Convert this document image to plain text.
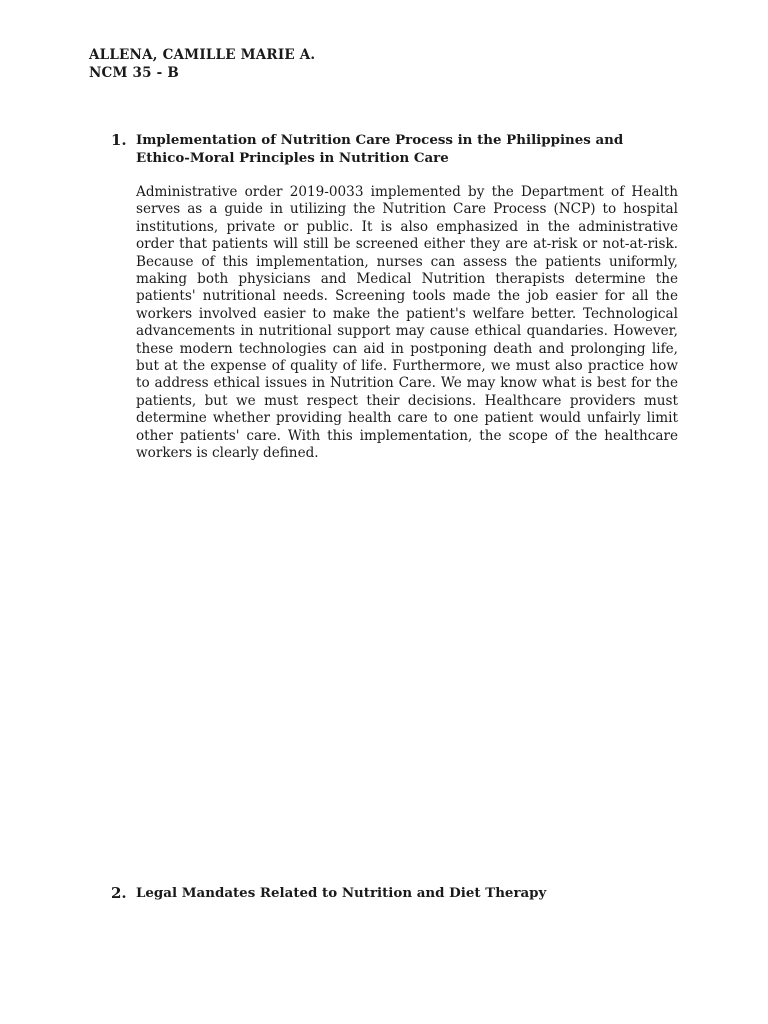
ALLENA, CAMILLE MARIE A.
NCM 35 - B
1. Implementation of Nutrition Care Process in the Philippines and
Ethico-Moral Principles in Nutrition Care
Administrative order 2019-0033 implemented by the Department of Health serves as a guide in utilizing the Nutrition Care Process (NCP) to hospital institutions, private or public. It is also emphasized in the administrative order that patients will still be screened either they are at-risk or not-at-risk. Because of this implementation, nurses can assess the patients uniformly, making both physicians and Medical Nutrition therapists determine the patients' nutritional needs. Screening tools made the job easier for all the workers involved easier to make the patient's welfare better. Technological advancements in nutritional support may cause ethical quandaries. However, these modern technologies can aid in postponing death and prolonging life, but at the expense of quality of life. Furthermore, we must also practice how to address ethical issues in Nutrition Care. We may know what is best for the patients, but we must respect their decisions. Healthcare providers must determine whether providing health care to one patient would unfairly limit other patients' care. With this implementation, the scope of the healthcare workers is clearly defined.
2. Legal Mandates Related to Nutrition and Diet Therapy
